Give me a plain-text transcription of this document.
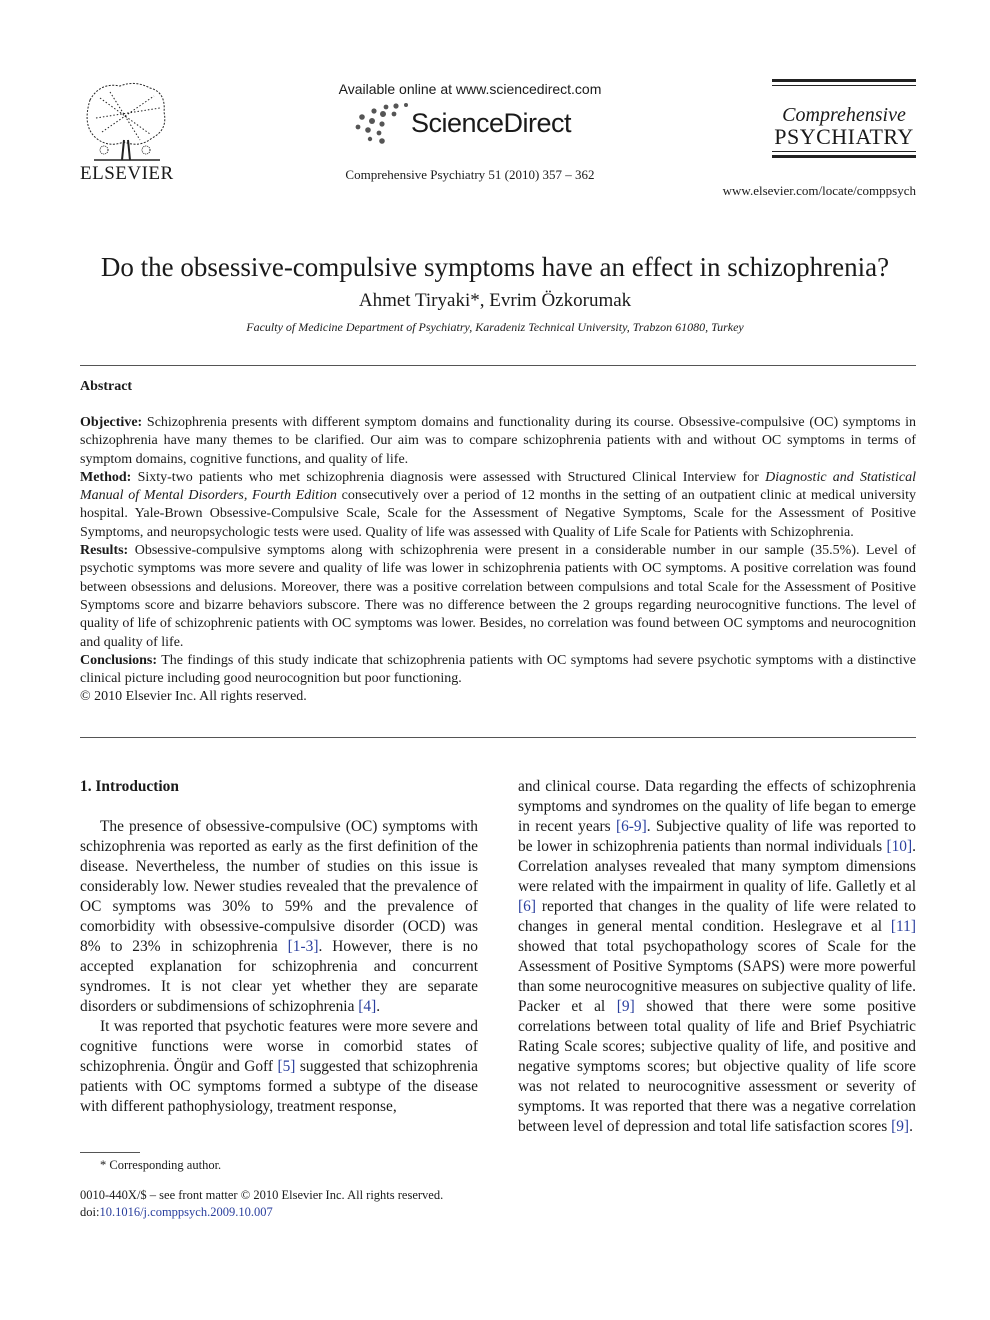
ELSEVIER
Available online at www.sciencedirect.com
ScienceDirect
Comprehensive Psychiatry 51 (2010) 357 – 362
Comprehensive
PSYCHIATRY
www.elsevier.com/locate/comppsych
Do the obsessive-compulsive symptoms have an effect in schizophrenia?
Ahmet Tiryaki*, Evrim Özkorumak
Faculty of Medicine Department of Psychiatry, Karadeniz Technical University, Trabzon 61080, Turkey
Abstract

Objective: Schizophrenia presents with different symptom domains and functionality during its course. Obsessive-compulsive (OC) symptoms in schizophrenia have many themes to be clarified. Our aim was to compare schizophrenia patients with and without OC symptoms in terms of symptom domains, cognitive functions, and quality of life.

Method: Sixty-two patients who met schizophrenia diagnosis were assessed with Structured Clinical Interview for Diagnostic and Statistical Manual of Mental Disorders, Fourth Edition consecutively over a period of 12 months in the setting of an outpatient clinic at medical university hospital. Yale-Brown Obsessive-Compulsive Scale, Scale for the Assessment of Negative Symptoms, Scale for the Assessment of Positive Symptoms, and neuropsychologic tests were used. Quality of life was assessed with Quality of Life Scale for Patients with Schizophrenia.

Results: Obsessive-compulsive symptoms along with schizophrenia were present in a considerable number in our sample (35.5%). Level of psychotic symptoms was more severe and quality of life was lower in schizophrenia patients with OC symptoms. A positive correlation was found between obsessions and delusions. Moreover, there was a positive correlation between compulsions and total Scale for the Assessment of Positive Symptoms score and bizarre behaviors subscore. There was no difference between the 2 groups regarding neurocognitive functions. The level of quality of life of schizophrenic patients with OC symptoms was lower. Besides, no correlation was found between OC symptoms and neurocognition and quality of life.

Conclusions: The findings of this study indicate that schizophrenia patients with OC symptoms had severe psychotic symptoms with a distinctive clinical picture including good neurocognition but poor functioning.

© 2010 Elsevier Inc. All rights reserved.

1. Introduction

The presence of obsessive-compulsive (OC) symptoms with schizophrenia was reported as early as the first definition of the disease. Nevertheless, the number of studies on this issue is considerably low. Newer studies revealed that the prevalence of OC symptoms was 30% to 59% and the prevalence of comorbidity with obsessive-compulsive disorder (OCD) was 8% to 23% in schizophrenia [1-3]. However, there is no accepted explanation for schizophrenia and concurrent syndromes. It is not clear yet whether they are separate disorders or subdimensions of schizophrenia [4].

It was reported that psychotic features were more severe and cognitive functions were worse in comorbid states of schizophrenia. Öngür and Goff [5] suggested that schizophrenia patients with OC symptoms formed a subtype of the disease with different pathophysiology, treatment response,

and clinical course. Data regarding the effects of schizophrenia symptoms and syndromes on the quality of life began to emerge in recent years [6-9]. Subjective quality of life was reported to be lower in schizophrenia patients than normal individuals [10]. Correlation analyses revealed that many symptom dimensions were related with the impairment in quality of life. Galletly et al [6] reported that changes in the quality of life were related to changes in general mental condition. Heslegrave et al [11] showed that total psychopathology scores of Scale for the Assessment of Positive Symptoms (SAPS) were more powerful than some neurocognitive measures on subjective quality of life. Packer et al [9] showed that there were some positive correlations between total quality of life and Brief Psychiatric Rating Scale scores; subjective quality of life, and positive and negative symptoms scores; but objective quality of life score was not related to neurocognitive assessment or severity of symptoms. It was reported that there was a negative correlation between level of depression and total life satisfaction scores [9].

* Corresponding author.
0010-440X/$ – see front matter © 2010 Elsevier Inc. All rights reserved.
doi:10.1016/j.comppsych.2009.10.007
